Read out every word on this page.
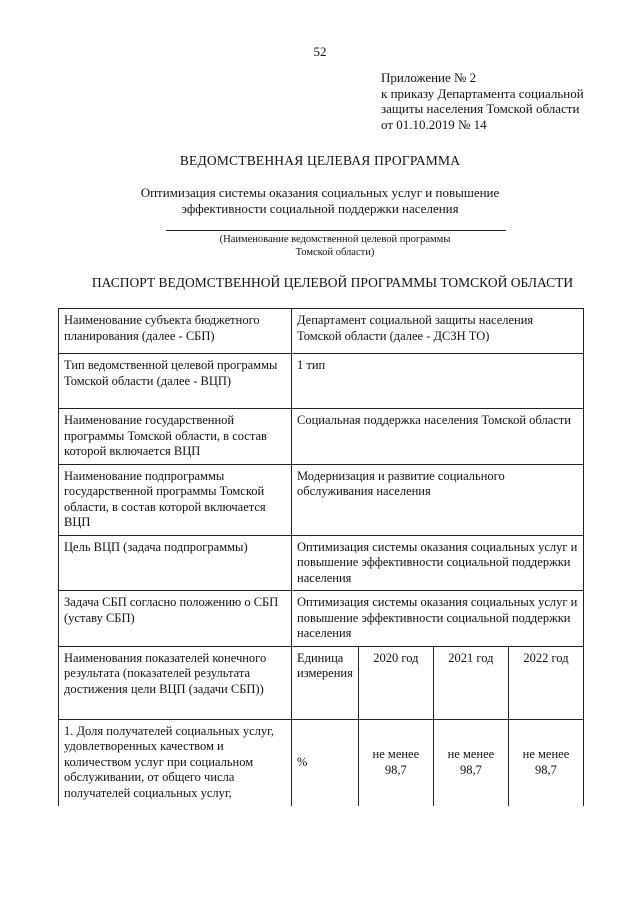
52
Приложение № 2
к приказу Департамента социальной
защиты населения Томской области
от 01.10.2019 № 14
ВЕДОМСТВЕННАЯ ЦЕЛЕВАЯ ПРОГРАММА
Оптимизация системы оказания социальных услуг и повышение
эффективности социальной поддержки населения
(Наименование ведомственной целевой программы
Томской области)
ПАСПОРТ ВЕДОМСТВЕННОЙ ЦЕЛЕВОЙ ПРОГРАММЫ ТОМСКОЙ ОБЛАСТИ
Наименование субъекта бюджетного планирования (далее - СБП)	Департамент социальной защиты населения Томской области (далее - ДСЗН ТО)			
Тип ведомственной целевой программы Томской области (далее - ВЦП)	1 тип			
Наименование государственной программы Томской области, в состав которой включается ВЦП	Социальная поддержка населения Томской области			
Наименование подпрограммы государственной программы Томской области, в состав которой включается ВЦП	Модернизация и развитие социального обслуживания населения			
Цель ВЦП (задача подпрограммы)	Оптимизация системы оказания социальных услуг и повышение эффективности социальной поддержки населения			
Задача СБП согласно положению о СБП (уставу СБП)	Оптимизация системы оказания социальных услуг и повышение эффективности социальной поддержки населения			
Наименования показателей конечного результата (показателей результата достижения цели ВЦП (задачи СБП))	Единица измерения	2020 год	2021 год	2022 год
1. Доля получателей социальных услуг, удовлетворенных качеством и количеством услуг при социальном обслуживании, от общего числа получателей социальных услуг,	%	не менее 98,7	не менее 98,7	не менее 98,7
